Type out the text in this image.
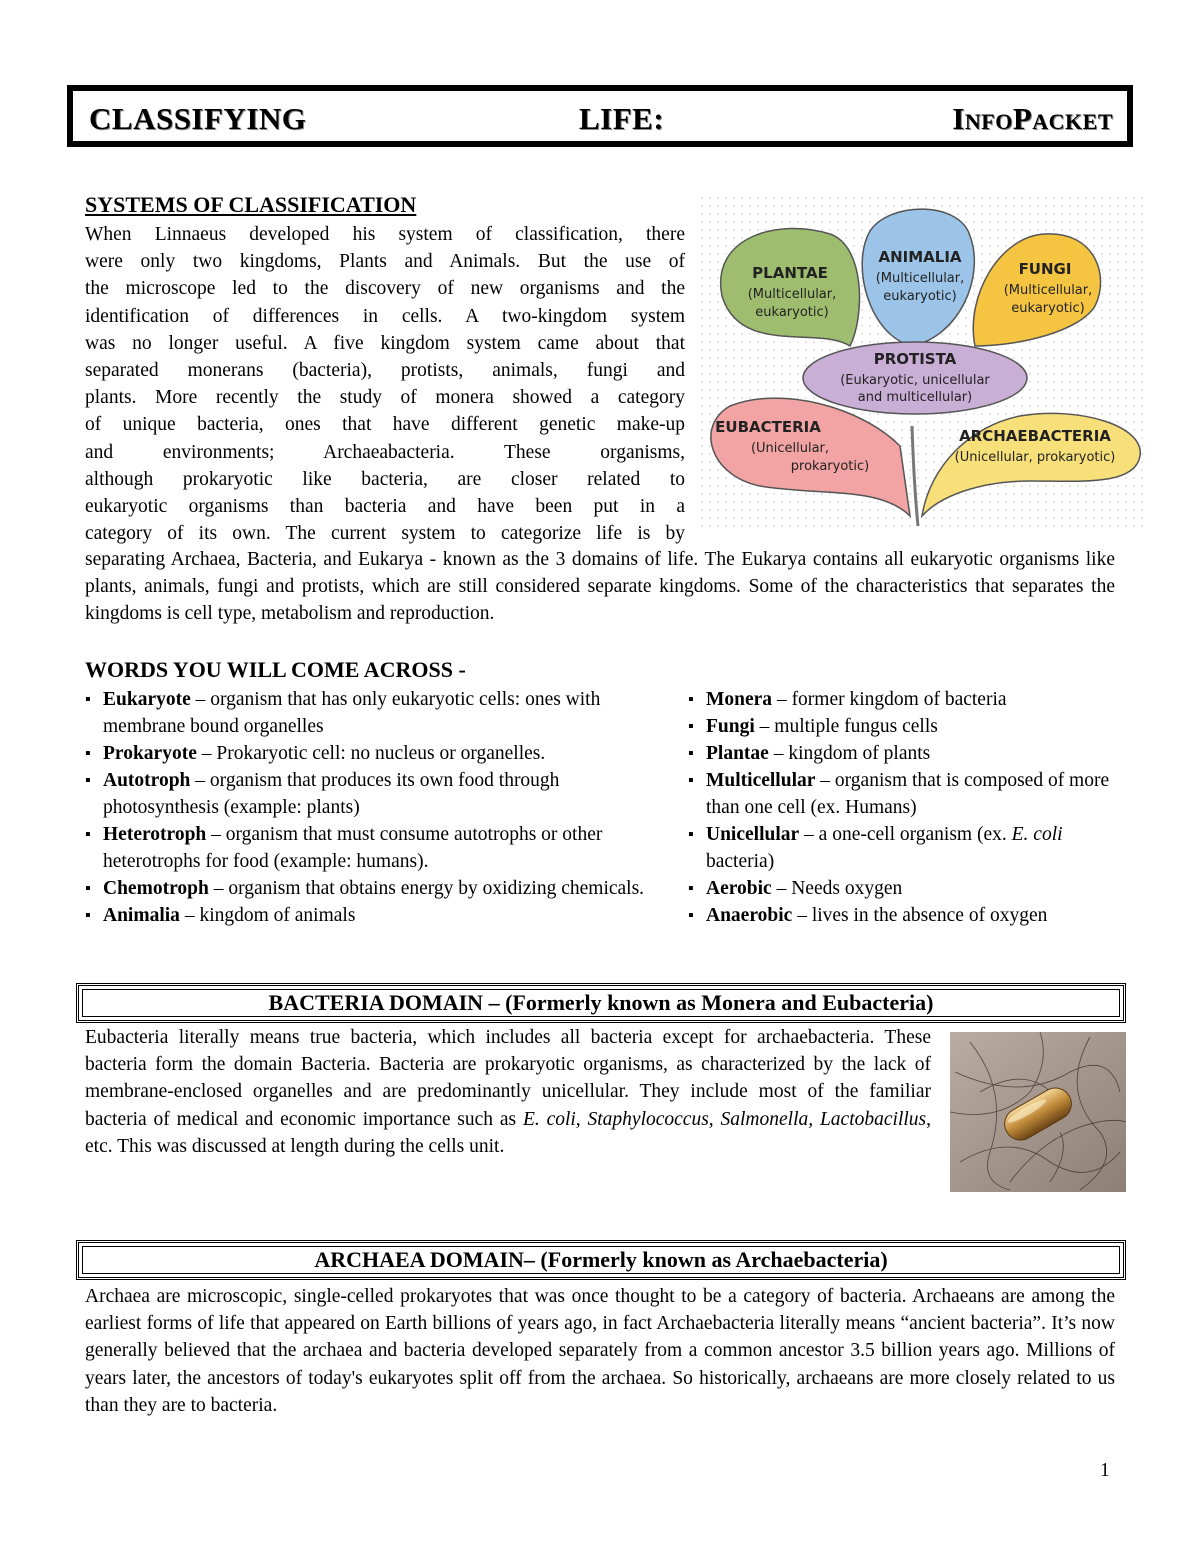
CLASSIFYING	LIFE:	InfoPacket
SYSTEMS OF CLASSIFICATION
When Linnaeus developed his system of classification, there
were only two kingdoms, Plants and Animals. But the use of
the microscope led to the discovery of new organisms and the
identification of differences in cells. A two-kingdom system
was no longer useful. A five kingdom system came about that
separated monerans (bacteria), protists, animals, fungi and
plants. More recently the study of monera showed a category
of unique bacteria, ones that have different genetic make-up
and environments; Archaeabacteria. These organisms,
although prokaryotic like bacteria, are closer related to
eukaryotic organisms than bacteria and have been put in a
category of its own. The current system to categorize life is by

separating Archaea, Bacteria, and Eukarya - known as the 3 domains of life. The Eukarya contains all eukaryotic organisms like plants, animals, fungi and protists, which are still considered separate kingdoms. Some of the characteristics that separates the kingdoms is cell type, metabolism and reproduction.

PLANTAE
(Multicellular,
eukaryotic)
ANIMALIA
(Multicellular,
eukaryotic)
FUNGI
(Multicellular,
eukaryotic)
PROTISTA
(Eukaryotic, unicellular
and multicellular)
EUBACTERIA
(Unicellular,
prokaryotic)
ARCHAEBACTERIA
(Unicellular, prokaryotic)
WORDS YOU WILL COME ACROSS -
▪ Eukaryote – organism that has only eukaryotic cells: ones with membrane bound organelles
▪ Prokaryote – Prokaryotic cell: no nucleus or organelles.
▪ Autotroph – organism that produces its own food through photosynthesis (example: plants)
▪ Heterotroph – organism that must consume autotrophs or other heterotrophs for food (example: humans).
▪ Chemotroph – organism that obtains energy by oxidizing chemicals.
▪ Animalia – kingdom of animals
▪ Monera – former kingdom of bacteria
▪ Fungi – multiple fungus cells
▪ Plantae – kingdom of plants
▪ Multicellular – organism that is composed of more than one cell (ex. Humans)
▪ Unicellular – a one-cell organism (ex. E. coli bacteria)
▪ Aerobic – Needs oxygen
▪ Anaerobic – lives in the absence of oxygen
BACTERIA DOMAIN – (Formerly known as Monera and Eubacteria)

Eubacteria literally means true bacteria, which includes all bacteria except for archaebacteria. These bacteria form the domain Bacteria. Bacteria are prokaryotic organisms, as characterized by the lack of membrane-enclosed organelles and are predominantly unicellular. They include most of the familiar bacteria of medical and economic importance such as E. coli, Staphylococcus, Salmonella, Lactobacillus, etc. This was discussed at length during the cells unit.

ARCHAEA DOMAIN– (Formerly known as Archaebacteria)

Archaea are microscopic, single-celled prokaryotes that was once thought to be a category of bacteria. Archaeans are among the earliest forms of life that appeared on Earth billions of years ago, in fact Archaebacteria literally means “ancient bacteria”. It’s now generally believed that the archaea and bacteria developed separately from a common ancestor 3.5 billion years ago. Millions of years later, the ancestors of today's eukaryotes split off from the archaea. So historically, archaeans are more closely related to us than they are to bacteria.

1
